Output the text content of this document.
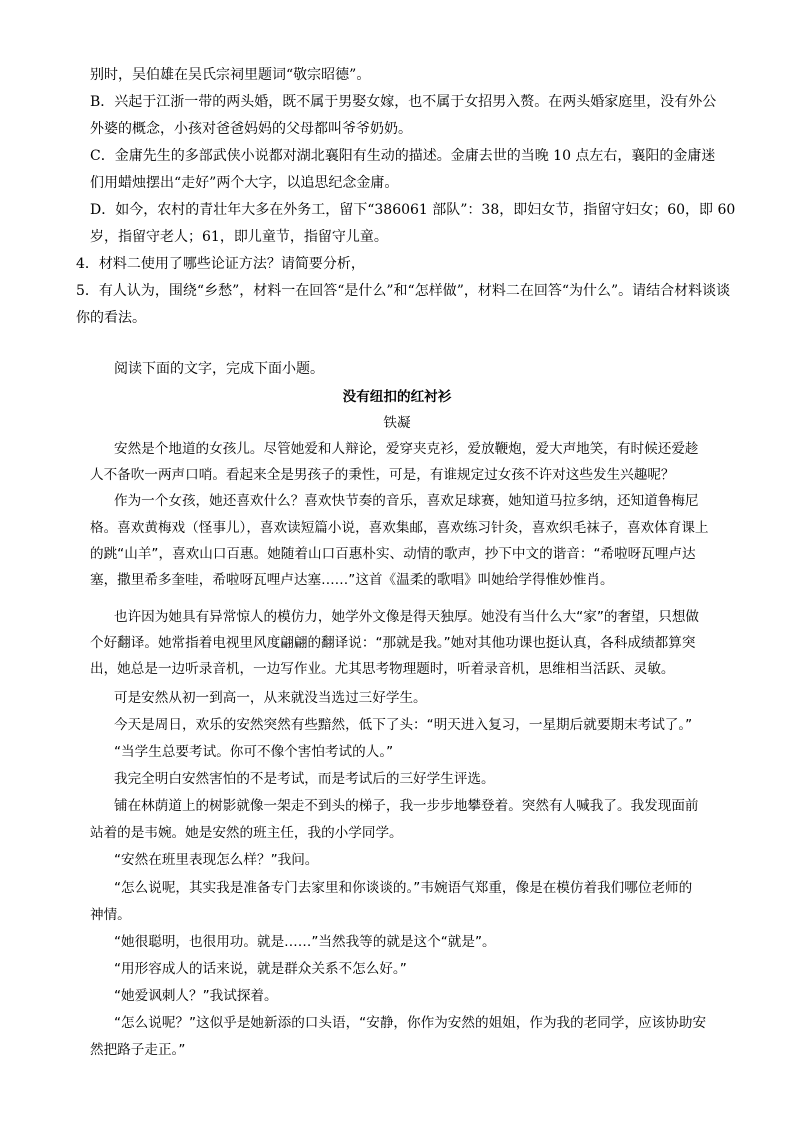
别时，吴伯雄在吴氏宗祠里题词“敬宗昭德”。
B．兴起于江浙一带的两头婚，既不属于男娶女嫁，也不属于女招男入赘。在两头婚家庭里，没有外公
外婆的概念，小孩对爸爸妈妈的父母都叫爷爷奶奶。
C．金庸先生的多部武侠小说都对湖北襄阳有生动的描述。金庸去世的当晚 10 点左右，襄阳的金庸迷
们用蜡烛摆出“走好”两个大字，以追思纪念金庸。
D．如今，农村的青壮年大多在外务工，留下“386061 部队”：38，即妇女节，指留守妇女；60，即 60
岁，指留守老人；61，即儿童节，指留守儿童。
4．材料二使用了哪些论证方法？请简要分析，
5．有人认为，围绕“乡愁”，材料一在回答“是什么”和“怎样做”，材料二在回答“为什么”。请结合材料谈谈
你的看法。
阅读下面的文字，完成下面小题。
没有纽扣的红衬衫
铁凝
安然是个地道的女孩儿。尽管她爱和人辩论，爱穿夹克衫，爱放鞭炮，爱大声地笑，有时候还爱趁
人不备吹一两声口哨。看起来全是男孩子的秉性，可是，有谁规定过女孩不许对这些发生兴趣呢？
作为一个女孩，她还喜欢什么？喜欢快节奏的音乐，喜欢足球赛，她知道马拉多纳，还知道鲁梅尼
格。喜欢黄梅戏（怪事儿），喜欢读短篇小说，喜欢集邮，喜欢练习针灸，喜欢织毛袜子，喜欢体育课上
的跳“山羊”，喜欢山口百惠。她随着山口百惠朴实、动情的歌声，抄下中文的谐音：“希啦呀瓦哩卢达
塞，撒里希多奎哇，希啦呀瓦哩卢达塞……”这首《温柔的歌唱》叫她给学得惟妙惟肖。
也许因为她具有异常惊人的模仿力，她学外文像是得天独厚。她没有当什么大“家”的奢望，只想做
个好翻译。她常指着电视里风度翩翩的翻译说：“那就是我。”她对其他功课也挺认真，各科成绩都算突
出，她总是一边听录音机，一边写作业。尤其思考物理题时，听着录音机，思维相当活跃、灵敏。
可是安然从初一到高一，从来就没当选过三好学生。
今天是周日，欢乐的安然突然有些黯然，低下了头：“明天进入复习，一星期后就要期末考试了。”
“当学生总要考试。你可不像个害怕考试的人。”
我完全明白安然害怕的不是考试，而是考试后的三好学生评选。
铺在林荫道上的树影就像一架走不到头的梯子，我一步步地攀登着。突然有人喊我了。我发现面前
站着的是韦婉。她是安然的班主任，我的小学同学。
“安然在班里表现怎么样？”我问。
“怎么说呢，其实我是准备专门去家里和你谈谈的。”韦婉语气郑重，像是在模仿着我们哪位老师的
神情。
“她很聪明，也很用功。就是……”当然我等的就是这个“就是”。
“用形容成人的话来说，就是群众关系不怎么好。”
“她爱讽刺人？”我试探着。
“怎么说呢？”这似乎是她新添的口头语，“安静，你作为安然的姐姐，作为我的老同学，应该协助安
然把路子走正。”
